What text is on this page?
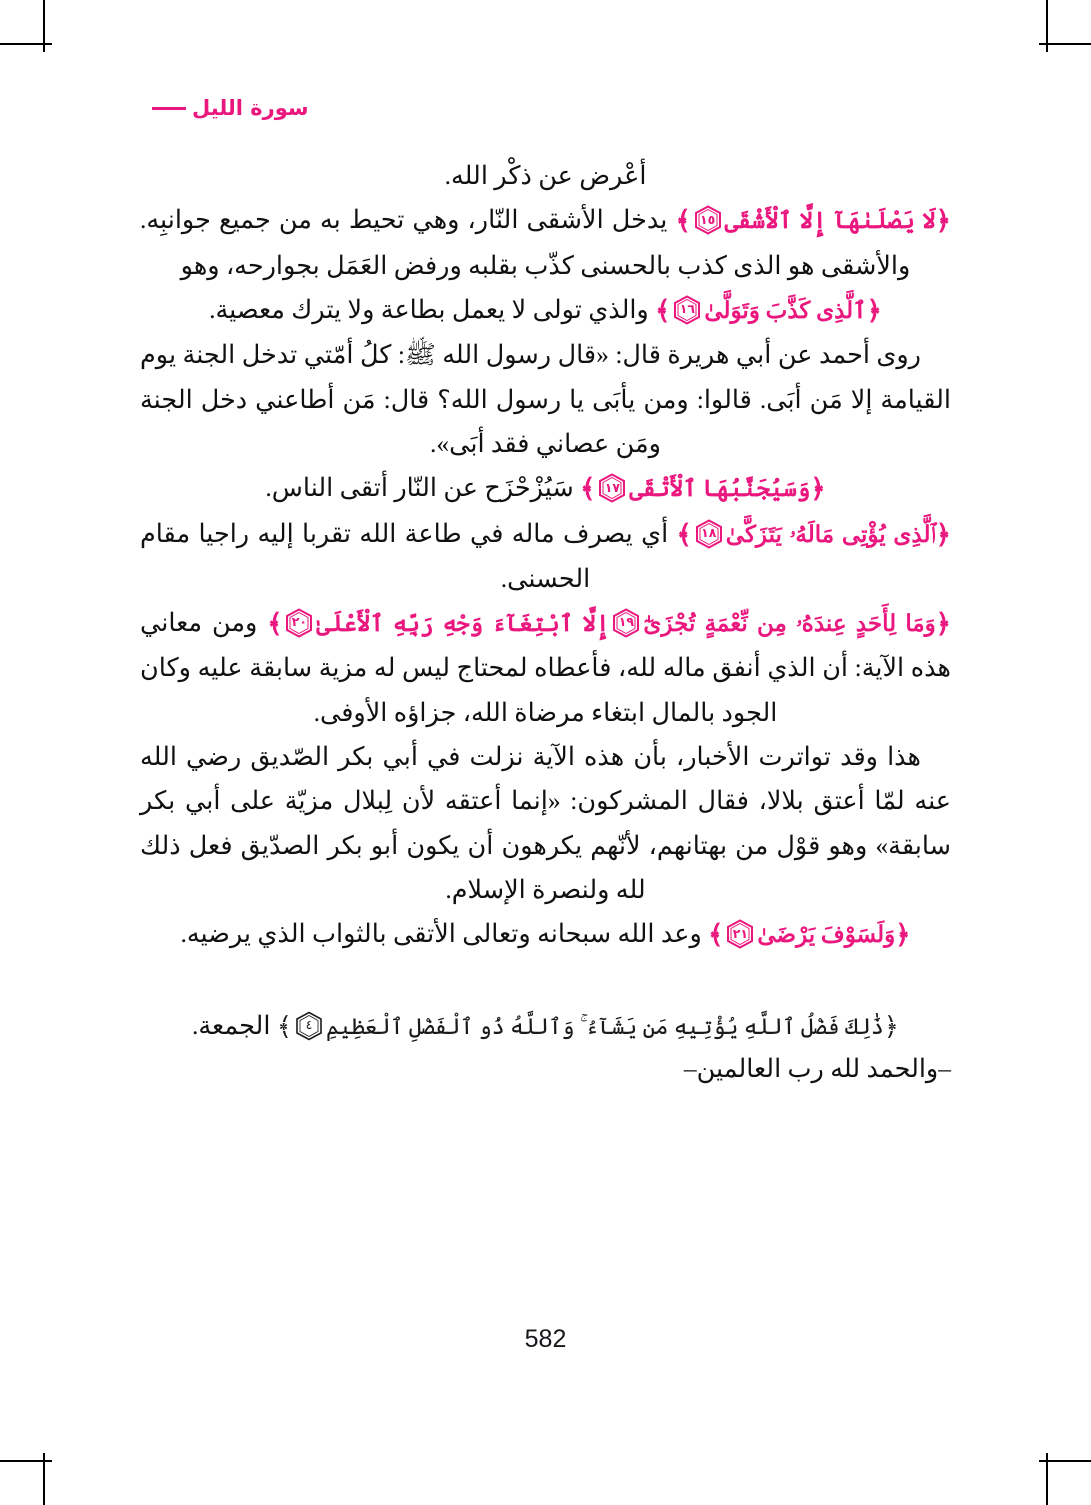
سورة الليل

أعْرض عن ذكْر الله.

﴿لَا يَصْلَىٰهَآ إِلَّا ٱلْأَشْقَى
١٥
﴾ يدخل الأشقى النّار، وهي تحيط به من جميع جوانبِه. والأشقى هو الذى كذب بالحسنى كذّب بقلبه ورفض العَمَل بجوارحه، وهو

﴿ٱلَّذِى كَذَّبَ وَتَوَلَّىٰ
١٦
﴾ والذي تولى لا يعمل بطاعة ولا يترك معصية.

روى أحمد عن أبي هريرة قال: «قال رسول الله ﷺ: كلُ أمّتي تدخل الجنة يوم القيامة إلا مَن أبَى. قالوا: ومن يأبَى يا رسول الله؟ قال: مَن أطاعني دخل الجنة ومَن عصاني فقد أبَى».

﴿وَسَيُجَنَّبُهَا ٱلْأَتْقَى
١٧
﴾ سَيُزْحْزَح عن النّار أتقى الناس.

﴿ٱلَّذِى يُؤْتِى مَالَهُۥ يَتَزَكَّىٰ
١٨
﴾ أي يصرف ماله في طاعة الله تقربا إليه راجيا مقام الحسنى.

﴿وَمَا لِأَحَدٍ عِندَهُۥ مِن نِّعْمَةٍ تُجْزَىٰٓ
١٩
إِلَّا ٱبْتِغَآءَ وَجْهِ رَبِّهِ ٱلْأَعْلَىٰ
٢٠
﴾ ومن معاني هذه الآية: أن الذي أنفق ماله لله، فأعطاه لمحتاج ليس له مزية سابقة عليه وكان الجود بالمال ابتغاء مرضاة الله، جزاؤه الأوفى.

هذا وقد تواترت الأخبار، بأن هذه الآية نزلت في أبي بكر الصّديق رضي الله عنه لمّا أعتق بلالا، فقال المشركون: «إنما أعتقه لأن لِبلال مزيّة على أبي بكر سابقة» وهو قوْل من بهتانهم، لأنّهم يكرهون أن يكون أبو بكر الصدّيق فعل ذلك لله ولنصرة الإسلام.

﴿وَلَسَوْفَ يَرْضَىٰ
٢١
﴾ وعد الله سبحانه وتعالى الأتقى بالثواب الذي يرضيه.

﴿ذَٰلِكَ فَضْلُ ٱللَّهِ يُؤْتِيهِ مَن يَشَآءُ ۚ وَٱللَّهُ ذُو ٱلْفَضْلِ ٱلْعَظِيمِ
٤
﴾ الجمعة.

–والحمد لله رب العالمين–

582
